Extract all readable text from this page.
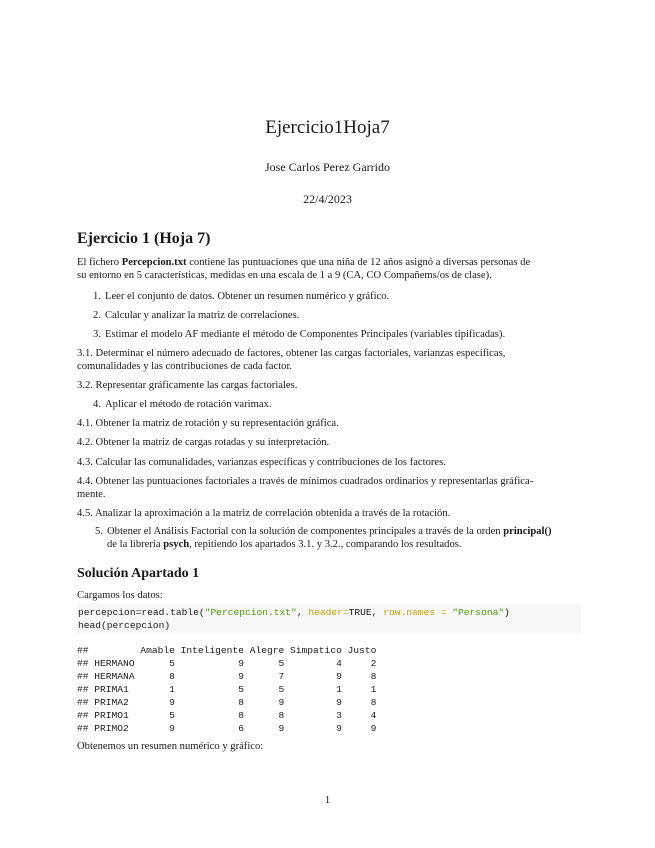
Ejercicio1Hoja7
Jose Carlos Perez Garrido
22/4/2023
Ejercicio 1 (Hoja 7)
El fichero Percepcion.txt contiene las puntuaciones que una niña de 12 años asignó a diversas personas de
su entorno en 5 características, medidas en una escala de 1 a 9 (CA, CO Compañems/os de clase).
1. Leer el conjunto de datos. Obtener un resumen numérico y gráfico.
2. Calcular y analizar la matriz de correlaciones.
3. Estimar el modelo AF mediante el método de Componentes Principales (variables tipificadas).
3.1. Determinar el número adecuado de factores, obtener las cargas factoriales, varianzas específicas,
comunalidades y las contribuciones de cada factor.
3.2. Representar gráficamente las cargas factoriales.
4. Aplicar el método de rotación varimax.
4.1. Obtener la matriz de rotación y su representación gráfica.
4.2. Obtener la matriz de cargas rotadas y su interpretación.
4.3. Calcular las comunalidades, varianzas específicas y contribuciones de los factores.
4.4. Obtener las puntuaciones factoriales a través de mínimos cuadrados ordinarios y representarlas gráfica-
mente.
4.5. Analizar la aproximación a la matriz de correlación obtenida a través de la rotación.
5. Obtener el Análisis Factorial con la solución de componentes principales a través de la orden principal()
de la librería psych, repitiendo los apartados 3.1. y 3.2., comparando los resultados.
Solución Apartado 1
Cargamos los datos:
percepcion=read.table("Percepcion.txt", header=TRUE, row.names = "Persona")
head(percepcion)
##         Amable Inteligente Alegre Simpatico Justo
## HERMANO      5           9      5         4     2
## HERMANA      8           9      7         9     8
## PRIMA1       1           5      5         1     1
## PRIMA2       9           8      9         9     8
## PRIMO1       5           8      8         3     4
## PRIMO2       9           6      9         9     9
Obtenemos un resumen numérico y gráfico:
1
